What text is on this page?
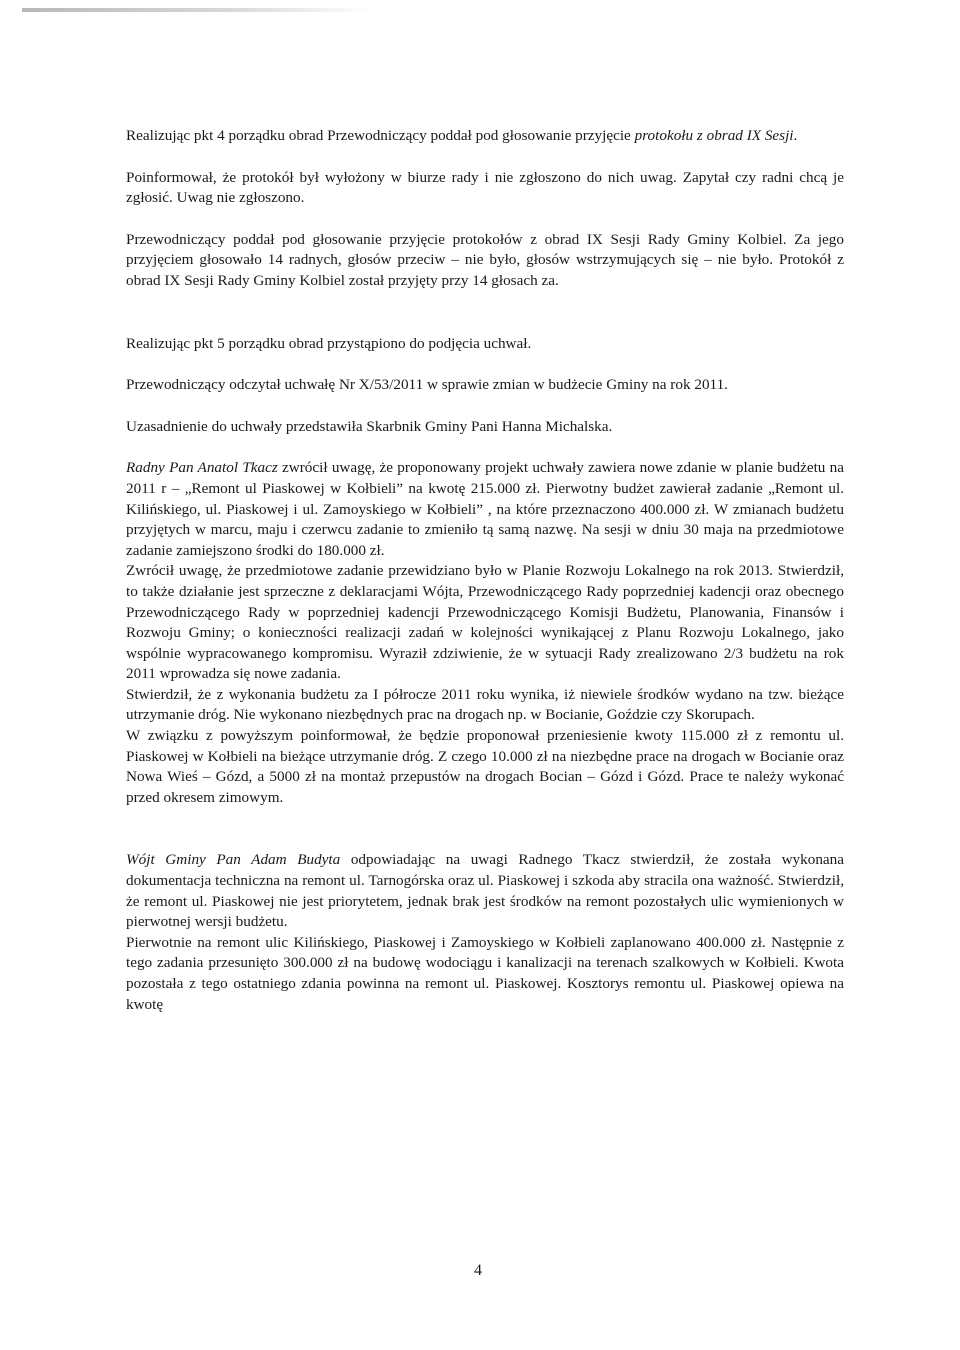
Realizując pkt 4 porządku obrad Przewodniczący poddał pod głosowanie przyjęcie protokołu z obrad IX Sesji.

Poinformował, że protokół był wyłożony w biurze rady i nie zgłoszono do nich uwag. Zapytał czy radni chcą je zgłosić. Uwag nie zgłoszono.

Przewodniczący poddał pod głosowanie przyjęcie protokołów z obrad IX Sesji Rady Gminy Kolbiel. Za jego przyjęciem głosowało 14 radnych, głosów przeciw – nie było, głosów wstrzymujących się – nie było. Protokół z obrad IX Sesji Rady Gminy Kolbiel został przyjęty przy 14 głosach za.

Realizując pkt 5 porządku obrad przystąpiono do podjęcia uchwał.

Przewodniczący odczytał uchwałę Nr X/53/2011 w sprawie zmian w budżecie Gminy na rok 2011.

Uzasadnienie do uchwały przedstawiła Skarbnik Gminy Pani Hanna Michalska.

Radny Pan Anatol Tkacz zwrócił uwagę, że proponowany projekt uchwały zawiera nowe zdanie w planie budżetu na 2011 r – „Remont ul Piaskowej w Kołbieli” na kwotę 215.000 zł. Pierwotny budżet zawierał zadanie „Remont ul. Kilińskiego, ul. Piaskowej i ul. Zamoyskiego w Kołbieli” , na które przeznaczono 400.000 zł. W zmianach budżetu przyjętych w marcu, maju i czerwcu zadanie to zmieniło tą samą nazwę. Na sesji w dniu 30 maja na przedmiotowe zadanie zamiejszono środki do 180.000 zł.

Zwrócił uwagę, że przedmiotowe zadanie przewidziano było w Planie Rozwoju Lokalnego na rok 2013. Stwierdził, to także działanie jest sprzeczne z deklaracjami Wójta, Przewodniczącego Rady poprzedniej kadencji oraz obecnego Przewodniczącego Rady w poprzedniej kadencji Przewodniczącego Komisji Budżetu, Planowania, Finansów i Rozwoju Gminy; o konieczności realizacji zadań w kolejności wynikającej z Planu Rozwoju Lokalnego, jako wspólnie wypracowanego kompromisu. Wyraził zdziwienie, że w sytuacji Rady zrealizowano 2/3 budżetu na rok 2011 wprowadza się nowe zadania.

Stwierdził, że z wykonania budżetu za I półrocze 2011 roku wynika, iż niewiele środków wydano na tzw. bieżące utrzymanie dróg. Nie wykonano niezbędnych prac na drogach np. w Bocianie, Goździe czy Skorupach.

W związku z powyższym poinformował, że będzie proponował przeniesienie kwoty 115.000 zł z remontu ul. Piaskowej w Kołbieli na bieżące utrzymanie dróg. Z czego 10.000 zł na niezbędne prace na drogach w Bocianie oraz Nowa Wieś – Gózd, a 5000 zł na montaż przepustów na drogach Bocian – Gózd i Gózd. Prace te należy wykonać przed okresem zimowym.

Wójt Gminy Pan Adam Budyta odpowiadając na uwagi Radnego Tkacz stwierdził, że została wykonana dokumentacja techniczna na remont ul. Tarnogórska oraz ul. Piaskowej i szkoda aby stracila ona ważność. Stwierdził, że remont ul. Piaskowej nie jest priorytetem, jednak brak jest środków na remont pozostałych ulic wymienionych w pierwotnej wersji budżetu.

Pierwotnie na remont ulic Kilińskiego, Piaskowej i Zamoyskiego w Kołbieli zaplanowano 400.000 zł. Następnie z tego zadania przesunięto 300.000 zł na budowę wodociągu i kanalizacji na terenach szalkowych w Kołbieli. Kwota pozostała z tego ostatniego zdania powinna na remont ul. Piaskowej. Kosztorys remontu ul. Piaskowej opiewa na kwotę

4
